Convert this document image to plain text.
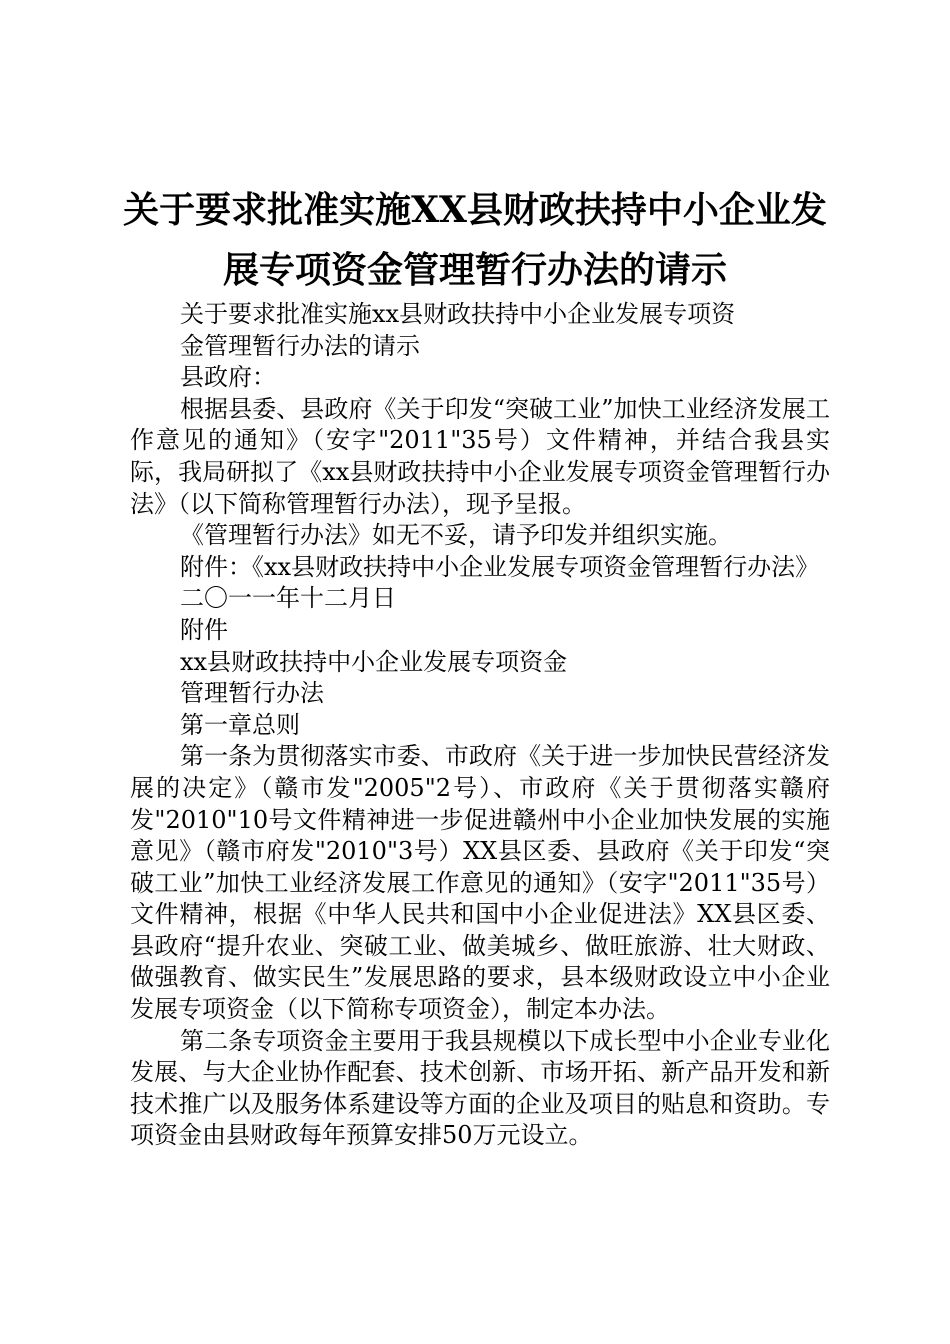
关于要求批准实施XX县财政扶持中小企业发
展专项资金管理暂行办法的请示

关于要求批准实施xx县财政扶持中小企业发展专项资

金管理暂行办法的请示

县政府：

根据县委、县政府《关于印发“突破工业”加快工业经济发展工作意见的通知》（安字"2011"35号）文件精神，并结合我县实际，我局研拟了《xx县财政扶持中小企业发展专项资金管理暂行办法》（以下简称管理暂行办法），现予呈报。

《管理暂行办法》如无不妥，请予印发并组织实施。

附件：《xx县财政扶持中小企业发展专项资金管理暂行办法》

二〇一一年十二月日

附件

xx县财政扶持中小企业发展专项资金

管理暂行办法

第一章总则

第一条为贯彻落实市委、市政府《关于进一步加快民营经济发展的决定》（赣市发"2005"2号）、市政府《关于贯彻落实赣府发"2010"10号文件精神进一步促进赣州中小企业加快发展的实施意见》（赣市府发"2010"3号）XX县区委、县政府《关于印发“突破工业”加快工业经济发展工作意见的通知》（安字"2011"35号）文件精神，根据《中华人民共和国中小企业促进法》XX县区委、县政府“提升农业、突破工业、做美城乡、做旺旅游、壮大财政、做强教育、做实民生”发展思路的要求，县本级财政设立中小企业发展专项资金（以下简称专项资金），制定本办法。

第二条专项资金主要用于我县规模以下成长型中小企业专业化发展、与大企业协作配套、技术创新、市场开拓、新产品开发和新技术推广以及服务体系建设等方面的企业及项目的贴息和资助。专项资金由县财政每年预算安排50万元设立。
